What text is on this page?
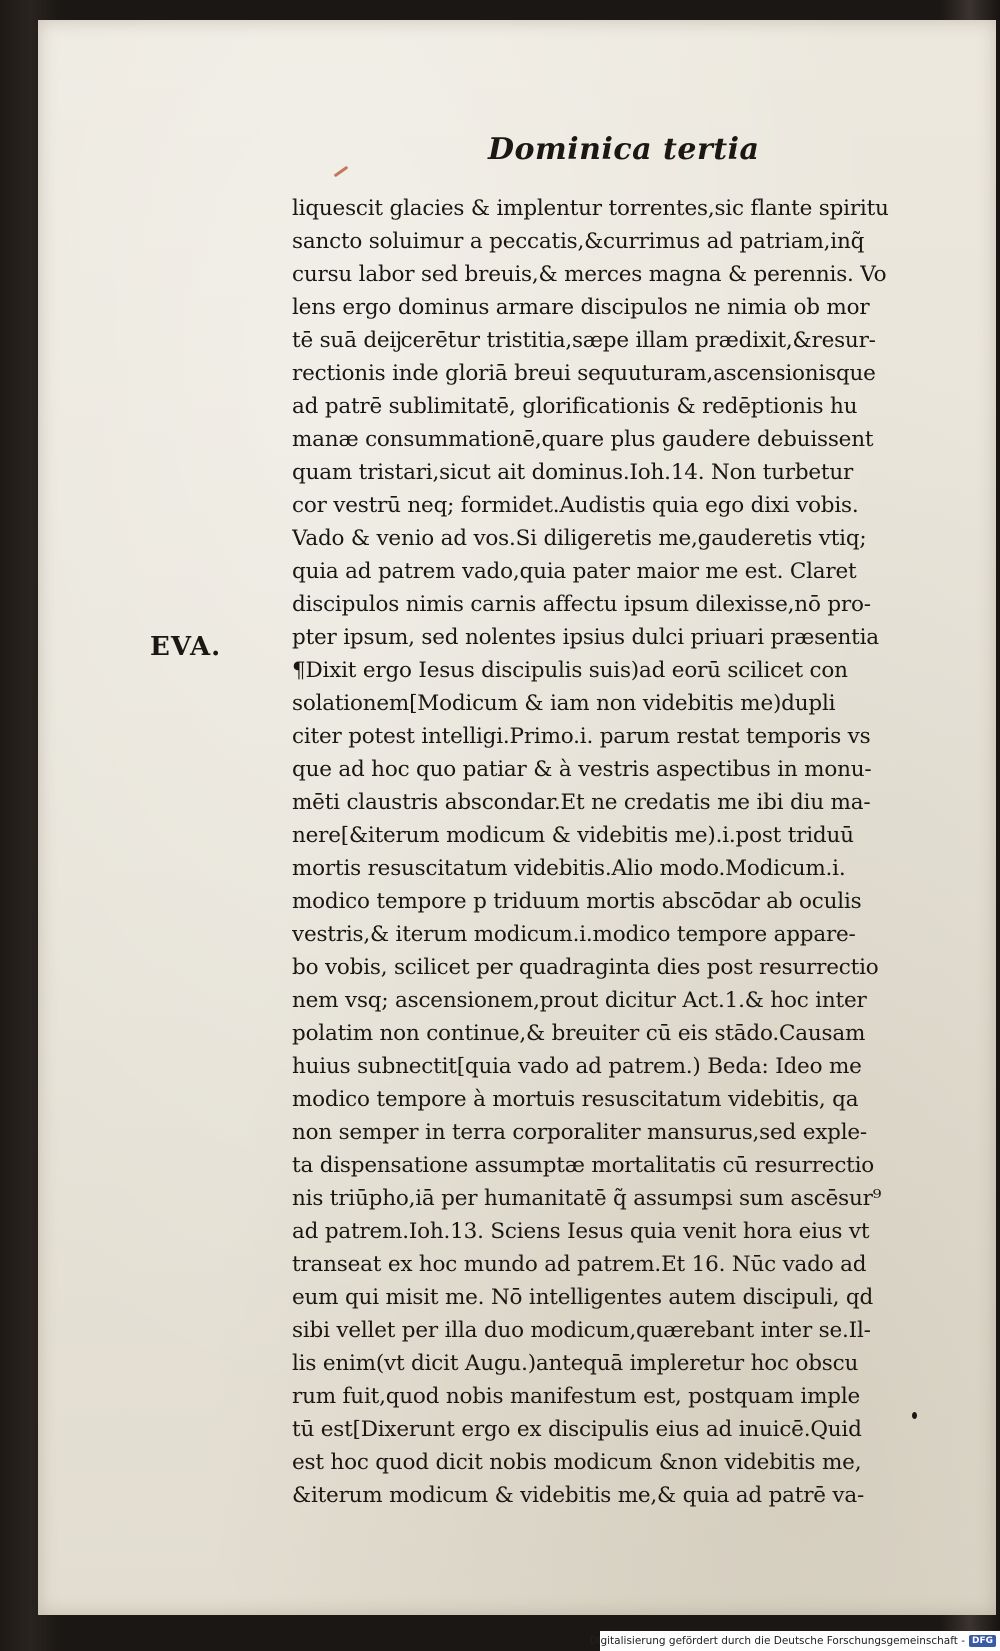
Dominica tertia
EVA.
liquescit glacies & implentur torrentes,sic flante spiritu
sancto soluimur a peccatis,&currimus ad patriam,inq̃
cursu labor sed breuis,& merces magna & perennis. Vo
lens ergo dominus armare discipulos ne nimia ob mor
tē suā deĳcerētur tristitia,sæpe illam prædixit,&resur-
rectionis inde gloriā breui sequuturam,ascensionisque
ad patrē sublimitatē, glorificationis & redēptionis hu
manæ consummationē,quare plus gaudere debuissent
quam tristari,sicut ait dominus.Ioh.14. Non turbetur
cor vestrū neq; formidet.Audistis quia ego dixi vobis.
Vado & venio ad vos.Si diligeretis me,gauderetis vtiq;
quia ad patrem vado,quia pater maior me est. Claret
discipulos nimis carnis affectu ipsum dilexisse,nō pro-
pter ipsum, sed nolentes ipsius dulci priuari præsentia
¶Dixit ergo Iesus discipulis suis)ad eorū scilicet con
solationem[Modicum & iam non videbitis me)dupli
citer potest intelligi.Primo.i. parum restat temporis vs
que ad hoc quo patiar & à vestris aspectibus in monu-
mēti claustris abscondar.Et ne credatis me ibi diu ma-
nere[&iterum modicum & videbitis me).i.post triduū
mortis resuscitatum videbitis.Alio modo.Modicum.i.
modico tempore p triduum mortis abscōdar ab oculis
vestris,& iterum modicum.i.modico tempore appare-
bo vobis, scilicet per quadraginta dies post resurrectio
nem vsq; ascensionem,prout dicitur Act.1.& hoc inter
polatim non continue,& breuiter cū eis stādo.Causam
huius subnectit[quia vado ad patrem.) Beda: Ideo me
modico tempore à mortuis resuscitatum videbitis, qa
non semper in terra corporaliter mansurus,sed exple-
ta dispensatione assumptæ mortalitatis cū resurrectio
nis triūpho,iā per humanitatē q̃ assumpsi sum ascēsur⁹
ad patrem.Ioh.13. Sciens Iesus quia venit hora eius vt
transeat ex hoc mundo ad patrem.Et 16. Nūc vado ad
eum qui misit me. Nō intelligentes autem discipuli, qd
sibi vellet per illa duo modicum,quærebant inter se.Il-
lis enim(vt dicit Augu.)antequā impleretur hoc obscu
rum fuit,quod nobis manifestum est, postquam imple
tū est[Dixerunt ergo ex discipulis eius ad inuicē.Quid
est hoc quod dicit nobis modicum &non videbitis me,
&iterum modicum & videbitis me,& quia ad patrē va-
Digitalisierung gefördert durch die Deutsche Forschungsgemeinschaft - DFG
